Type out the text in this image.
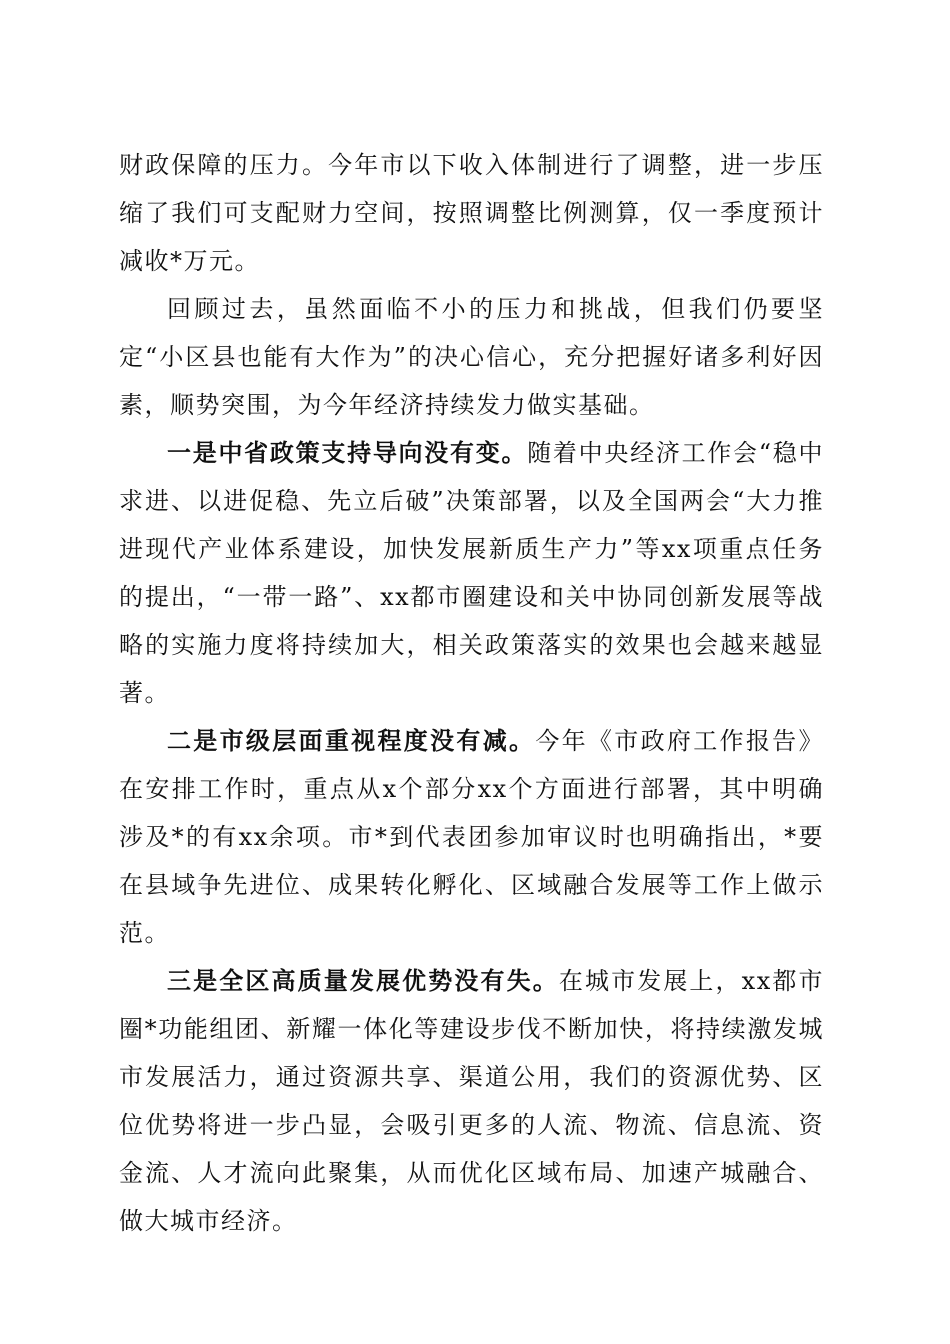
财政保障的压力。今年市以下收入体制进行了调整，进一步压缩了我们可支配财力空间，按照调整比例测算，仅一季度预计减收*万元。

回顾过去，虽然面临不小的压力和挑战，但我们仍要坚定“小区县也能有大作为”的决心信心，充分把握好诸多利好因素，顺势突围，为今年经济持续发力做实基础。

一是中省政策支持导向没有变。随着中央经济工作会“稳中求进、以进促稳、先立后破”决策部署，以及全国两会“大力推进现代产业体系建设，加快发展新质生产力”等xx项重点任务的提出，“一带一路”、xx都市圈建设和关中协同创新发展等战略的实施力度将持续加大，相关政策落实的效果也会越来越显著。

二是市级层面重视程度没有减。今年《市政府工作报告》在安排工作时，重点从x个部分xx个方面进行部署，其中明确涉及*的有xx余项。市*到代表团参加审议时也明确指出，*要在县域争先进位、成果转化孵化、区域融合发展等工作上做示范。

三是全区高质量发展优势没有失。在城市发展上，xx都市圈*功能组团、新耀一体化等建设步伐不断加快，将持续激发城市发展活力，通过资源共享、渠道公用，我们的资源优势、区位优势将进一步凸显，会吸引更多的人流、物流、信息流、资金流、人才流向此聚集，从而优化区域布局、加速产城融合、做大城市经济。
